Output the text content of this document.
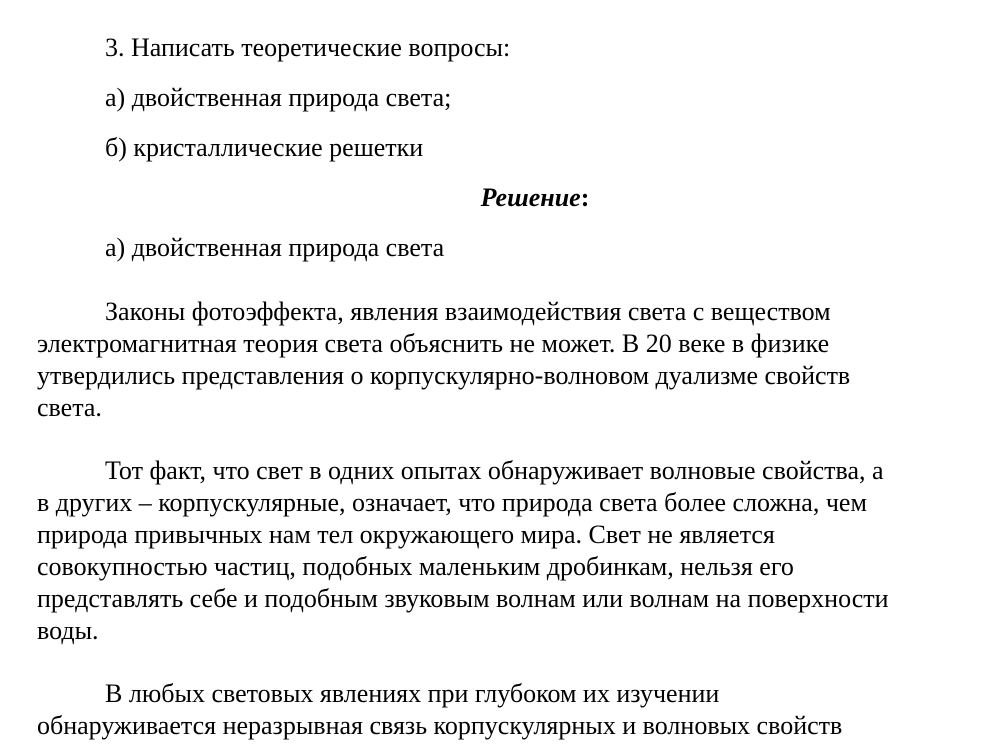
3. Написать теоретические вопросы:
а) двойственная природа света;
б) кристаллические решетки
Решение:
а) двойственная природа света
Законы фотоэффекта, явления взаимодействия света с веществом
электромагнитная теория света объяснить не может. В 20 веке в физике
утвердились представления о корпускулярно-волновом дуализме свойств
света.
Тот факт, что свет в одних опытах обнаруживает волновые свойства, а
в других – корпускулярные, означает, что природа света более сложна, чем
природа привычных нам тел окружающего мира. Свет не является
совокупностью частиц, подобных маленьким дробинкам, нельзя его
представлять себе и подобным звуковым волнам или волнам на поверхности
воды.
В любых световых явлениях при глубоком их изучении
обнаруживается неразрывная связь корпускулярных и волновых свойств
